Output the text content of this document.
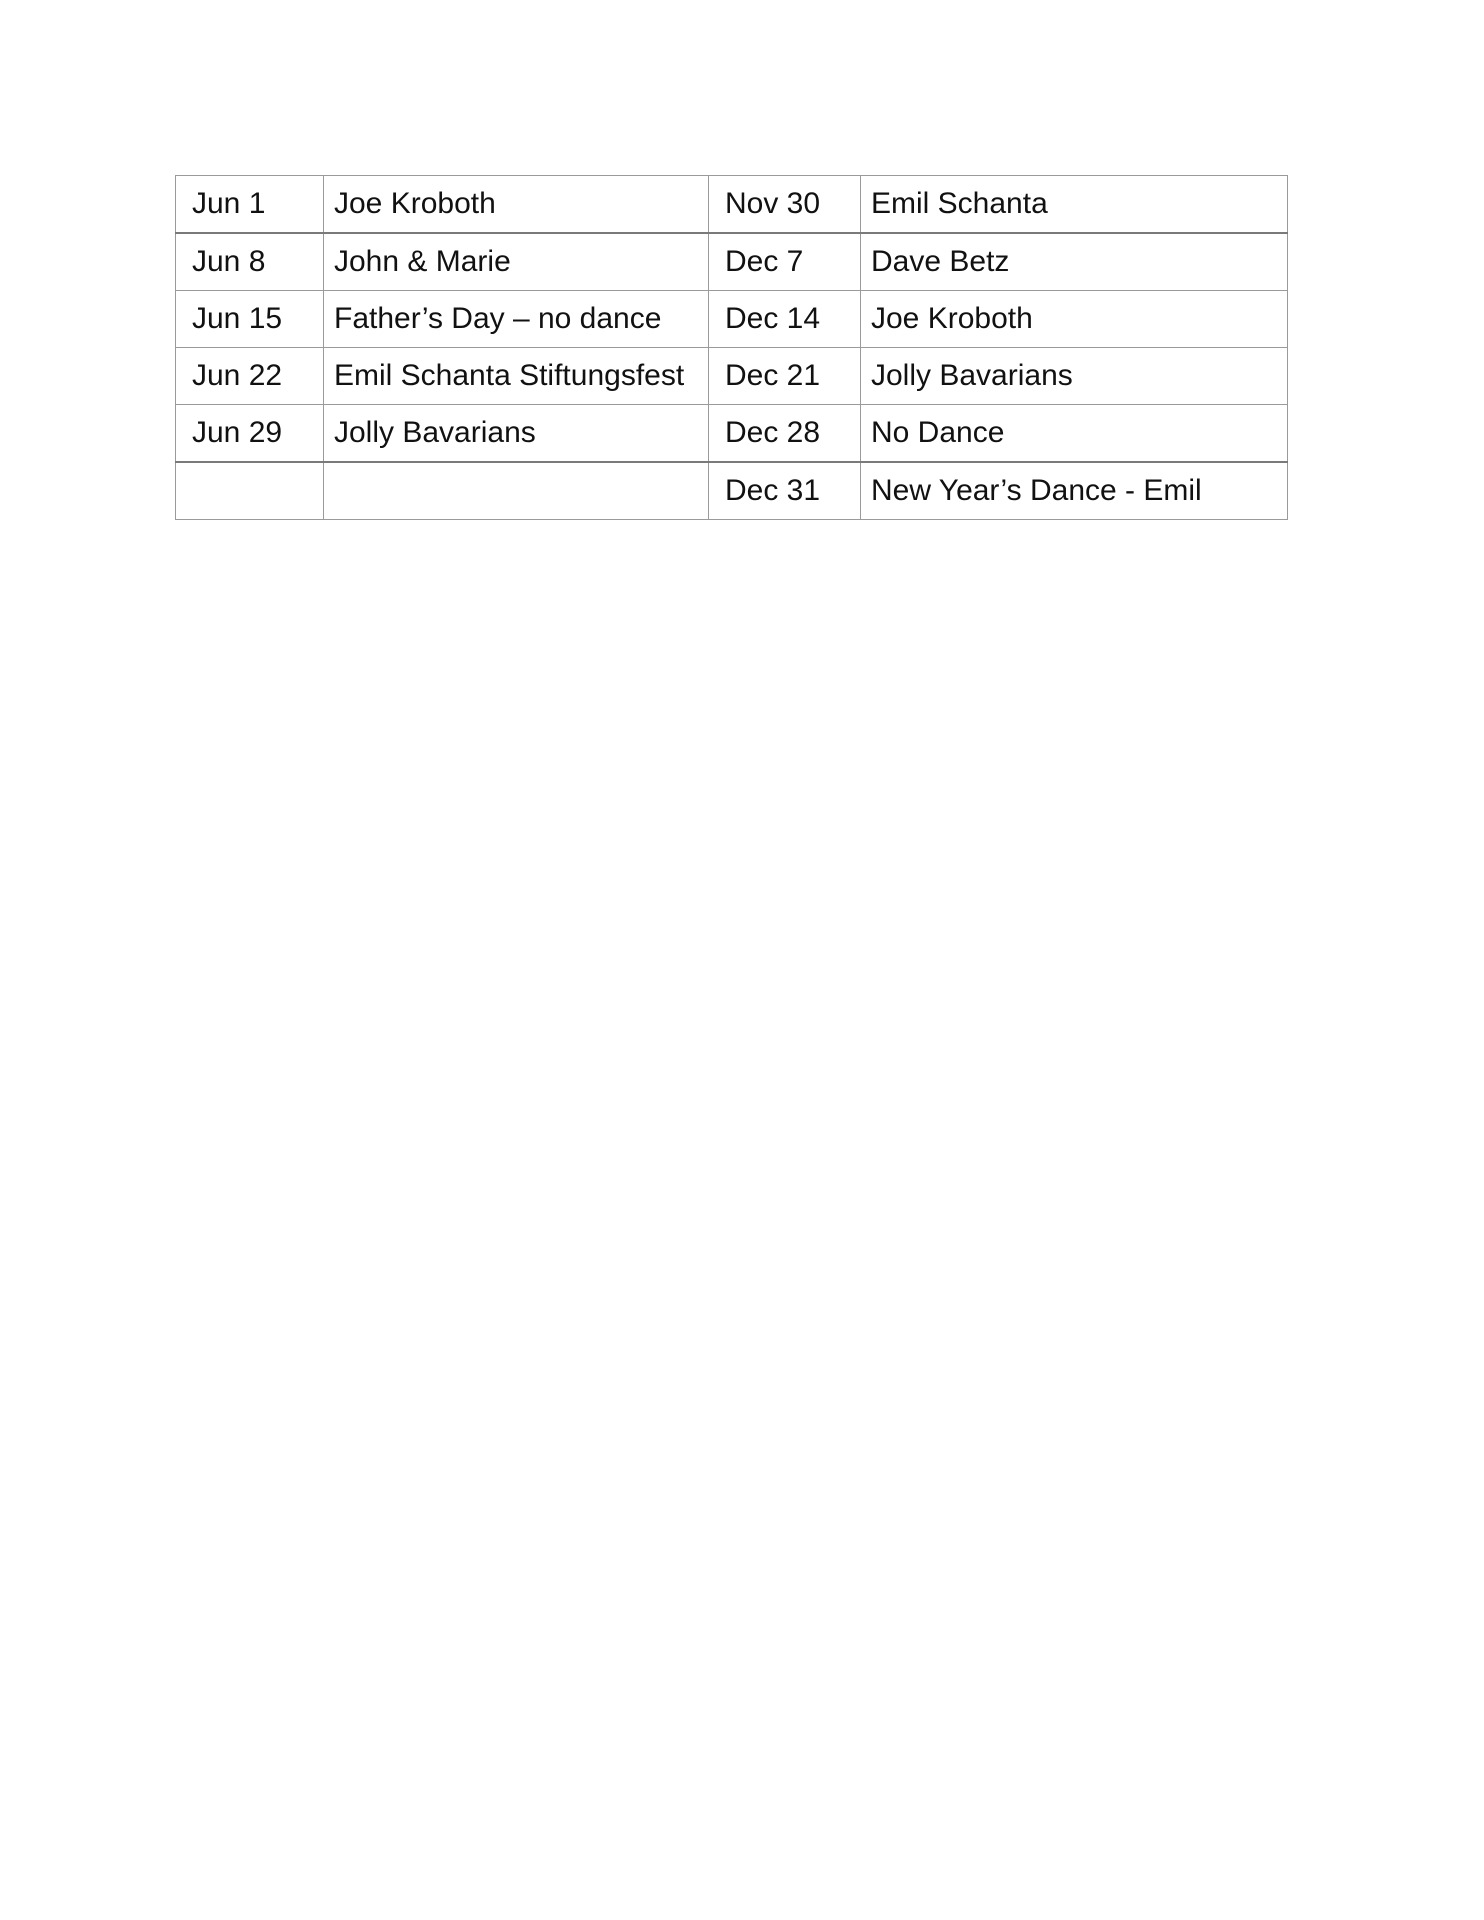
Jun 1	Joe Kroboth	Nov 30	Emil Schanta
Jun 8	John & Marie	Dec 7	Dave Betz
Jun 15	Father’s Day – no dance	Dec 14	Joe Kroboth
Jun 22	Emil Schanta Stiftungsfest	Dec 21	Jolly Bavarians
Jun 29	Jolly Bavarians	Dec 28	No Dance
		Dec 31	New Year’s Dance - Emil
